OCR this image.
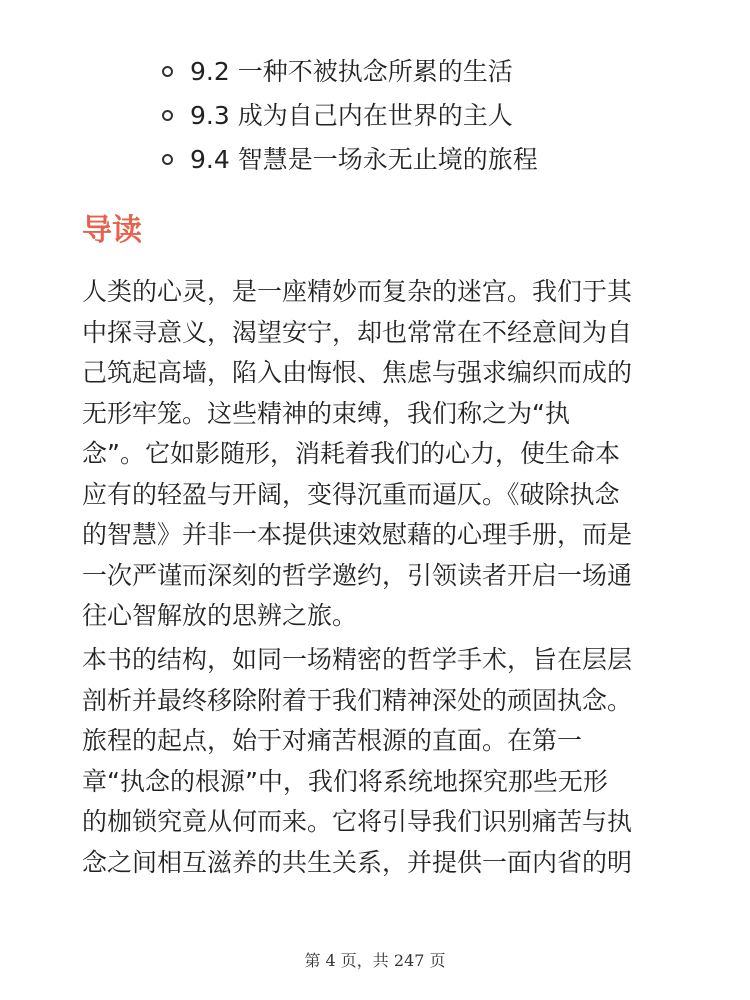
9.2 一种不被执念所累的生活
9.3 成为自己内在世界的主人
9.4 智慧是一场永无止境的旅程
导读

人类的心灵，是一座精妙而复杂的迷宫。我们于其
中探寻意义，渴望安宁，却也常常在不经意间为自
己筑起高墙，陷入由悔恨、焦虑与强求编织而成的
无形牢笼。这些精神的束缚，我们称之为“执
念”。它如影随形，消耗着我们的心力，使生命本
应有的轻盈与开阔，变得沉重而逼仄。《破除执念
的智慧》并非一本提供速效慰藉的心理手册，而是
一次严谨而深刻的哲学邀约，引领读者开启一场通
往心智解放的思辨之旅。

本书的结构，如同一场精密的哲学手术，旨在层层
剖析并最终移除附着于我们精神深处的顽固执念。
旅程的起点，始于对痛苦根源的直面。在第一
章“执念的根源”中，我们将系统地探究那些无形
的枷锁究竟从何而来。它将引导我们识别痛苦与执
念之间相互滋养的共生关系，并提供一面内省的明

第 4 页，共 247 页
